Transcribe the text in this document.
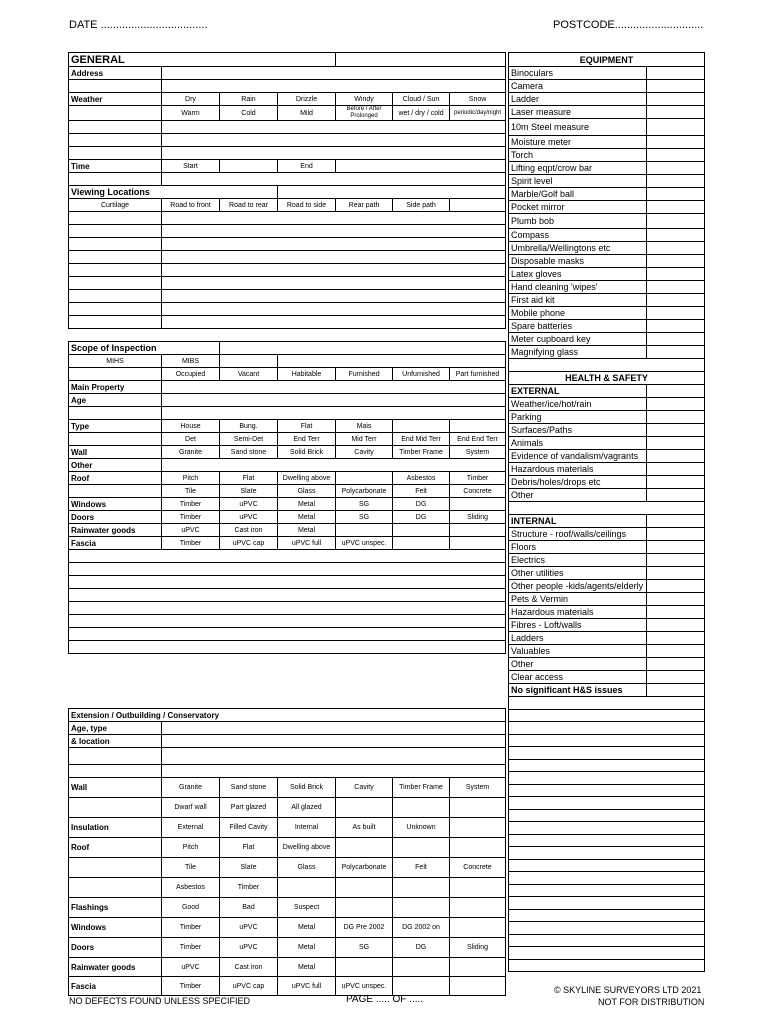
DATE ...................................	POSTCODE.............................
GENERAL						
Address						

Weather	Dry	Rain	Drizzle	Windy	Cloud / Sun	Snow
	Warm	Cold	Mild	Before / After Prolonged	wet / dry / cold	periodic/day/night

Time	Start		End			

Viewing Locations						
Curtilage	Road to front	Road to rear	Road to side	Rear path	Side path	

Scope of Inspection						
MIHS	MIBS					
	Occupied	Vacant	Habitable	Furnished	Unfurnished	Part furnished
Main Property						
Age						

Type	House	Bung.	Flat	Mais		
	Det	Semi-Det	End Terr	Mid Terr	End Mid Terr	End End Terr
Wall	Granite	Sand stone	Solid Brick	Cavity	Timber Frame	System
Other						
Roof	Pitch	Flat	Dwelling above		Asbestos	Timber
	Tile	Slate	Glass	Polycarbonate	Felt	Concrete
Windows	Timber	uPVC	Metal	SG	DG	
Doors	Timber	uPVC	Metal	SG	DG	Sliding
Rainwater goods	uPVC	Cast iron	Metal			
Fascia	Timber	uPVC cap	uPVC full	uPVC unspec.		

Extension / Outbuilding / Conservatory						
Age, type						
& location						

Wall	Granite	Sand stone	Solid Brick	Cavity	Timber Frame	System
	Dwarf wall	Part glazed	All glazed			
Insulation	External	Filled Cavity	Internal	As built	Unknown	
Roof	Pitch	Flat	Dwelling above			
	Tile	Slate	Glass	Polycarbonate	Felt	Concrete
	Asbestos	Timber				
Flashings	Good	Bad	Suspect			
Windows	Timber	uPVC	Metal	DG Pre 2002	DG 2002 on	
Doors	Timber	uPVC	Metal	SG	DG	Sliding
Rainwater goods	uPVC	Cast iron	Metal			
Fascia	Timber	uPVC cap	uPVC full	uPVC unspec.		
EQUIPMENT	
Binoculars	
Camera	
Ladder	
Laser measure	
10m Steel measure	
Moisture meter	
Torch	
Lifting eqpt/crow bar	
Spirit level	
Marble/Golf ball	
Pocket mirror	
Plumb bob	
Compass	
Umbrella/Wellingtons etc	
Disposable masks	
Latex gloves	
Hand cleaning 'wipes'	
First aid kit	
Mobile phone	
Spare batteries	
Meter cupboard key	
Magnifying glass	

HEALTH & SAFETY	
EXTERNAL	
Weather/ice/hot/rain	
Parking	
Surfaces/Paths	
Animals	
Evidence of vandalism/vagrants	
Hazardous materials	
Debris/holes/drops etc	
Other	

INTERNAL	
Structure - roof/walls/ceilings	
Floors	
Electrics	
Other utilities	
Other people -kids/agents/elderly	
Pets & Vermin	
Hazardous materials	
Fibres - Loft/walls	
Ladders	
Valuables	
Other	
Clear access	
No significant H&S issues	

NO DEFECTS FOUND UNLESS SPECIFIED	PAGE ..... OF .....
© SKYLINE SURVEYORS LTD 2021
NOT FOR DISTRIBUTION
